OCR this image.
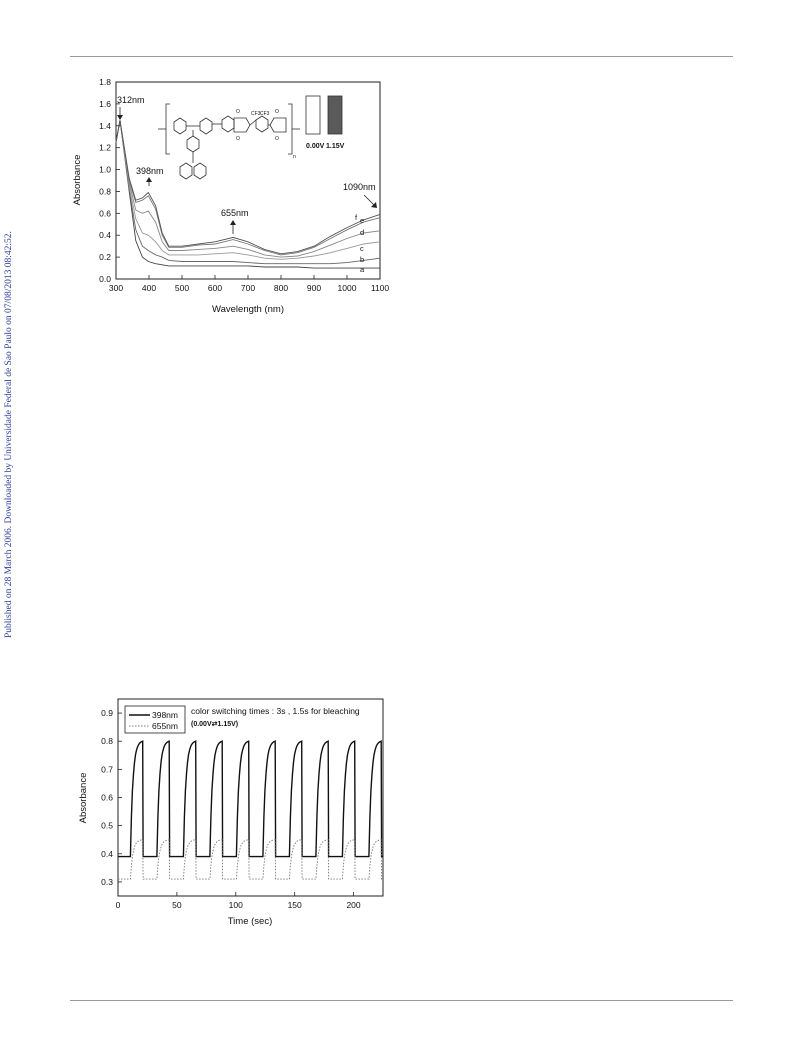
Published on 28 March 2006. Downloaded by Universidade Federal de Sao Paulo on 07/08/2013 08:42:52.	300 400 500 600 700 800 900 1000 1100
0.0
0.2
0.4
0.6
0.8
1.0
1.2
1.4
1.6
1.8
Wavelength (nm)
Absorbance
312nm
398nm
655nm
1090nm
f e
d
c
b
a
O
O
O
O
CF3 CF3
n
0.00V 1.15V
0	50	100	150	200
0.3
0.4
0.5
0.6
0.7
0.8
0.9
Time (sec)
Absorbance
398nm
655nm
color switching times : 3s , 1.5s for bleaching
(0.00V⇄1.15V)
